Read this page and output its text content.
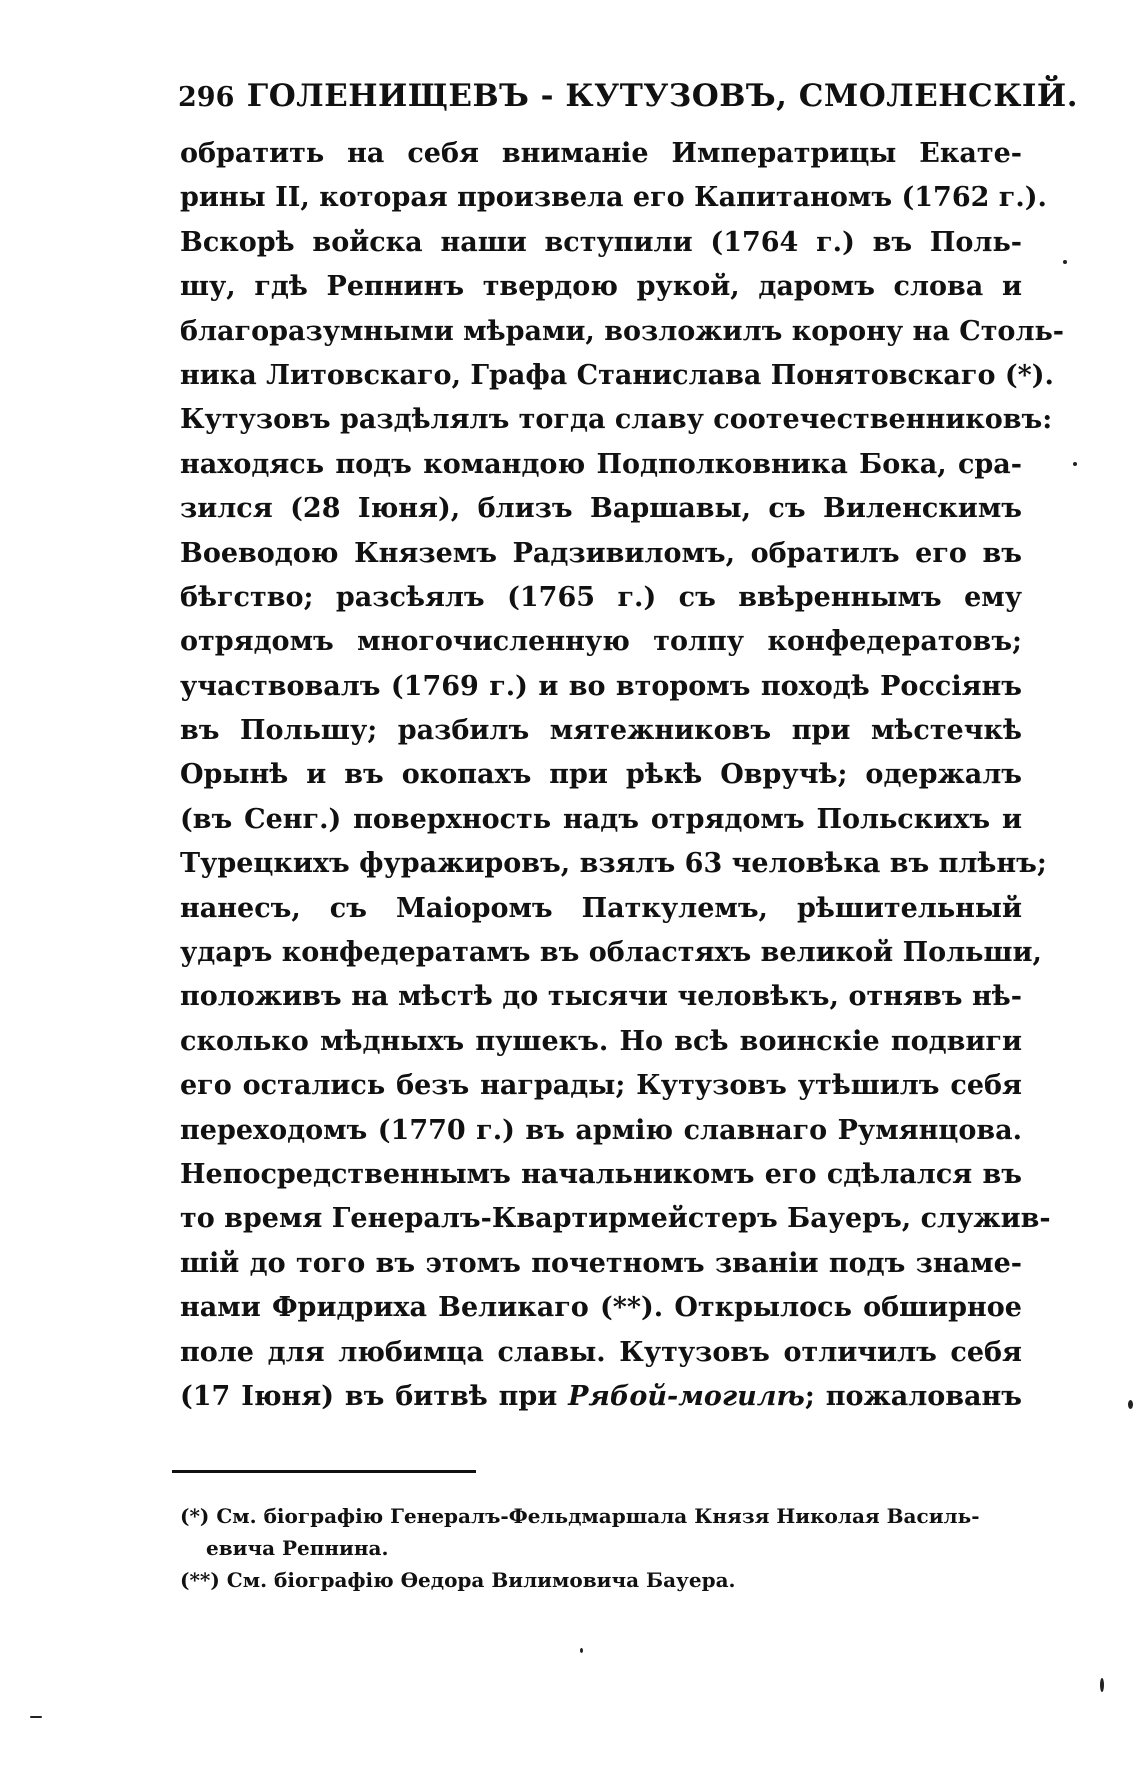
296 ГОЛЕНИЩЕВЪ - КУТУЗОВЪ, СМОЛЕНСКІЙ.
обратить на себя вниманіе Императрицы Екате-
рины II, которая произвела его Капитаномъ (1762 г.).
Вскорѣ войска наши вступили (1764 г.) въ Поль-
шу, гдѣ Репнинъ твердою рукой, даромъ слова и
благоразумными мѣрами, возложилъ корону на Столь-
ника Литовскаго, Графа Станислава Понятовскаго (*).
Кутузовъ раздѣлялъ тогда славу соотечественниковъ:
находясь подъ командою Подполковника Бока, сра-
зился (28 Іюня), близъ Варшавы, съ Виленскимъ
Воеводою Княземъ Радзивиломъ, обратилъ его въ
бѣгство; разсѣялъ (1765 г.) съ ввѣреннымъ ему
отрядомъ многочисленную толпу конфедератовъ;
участвовалъ (1769 г.) и во второмъ походѣ Россіянъ
въ Польшу; разбилъ мятежниковъ при мѣстечкѣ
Орынѣ и въ окопахъ при рѣкѣ Овручѣ; одержалъ
(въ Сенг.) поверхность надъ отрядомъ Польскихъ и
Турецкихъ фуражировъ, взялъ 63 человѣка въ плѣнъ;
нанесъ, съ Маіоромъ Паткулемъ, рѣшительный
ударъ конфедератамъ въ областяхъ великой Польши,
положивъ на мѣстѣ до тысячи человѣкъ, отнявъ нѣ-
сколько мѣдныхъ пушекъ. Но всѣ воинскіе подвиги
его остались безъ награды; Кутузовъ утѣшилъ себя
переходомъ (1770 г.) въ армію славнаго Румянцова.
Непосредственнымъ начальникомъ его сдѣлался въ
то время Генералъ-Квартирмейстеръ Бауеръ, служив-
шій до того въ этомъ почетномъ званіи подъ знаме-
нами Фридриха Великаго (**). Открылось обширное
поле для любимца славы. Кутузовъ отличилъ себя
(17 Іюня) въ битвѣ при Рябой-могилѣ; пожалованъ
(*) См. біографію Генералъ-Фельдмаршала Князя Николая Василь-
евича Репнина.
(**) См. біографію Ѳедора Вилимовича Бауера.
